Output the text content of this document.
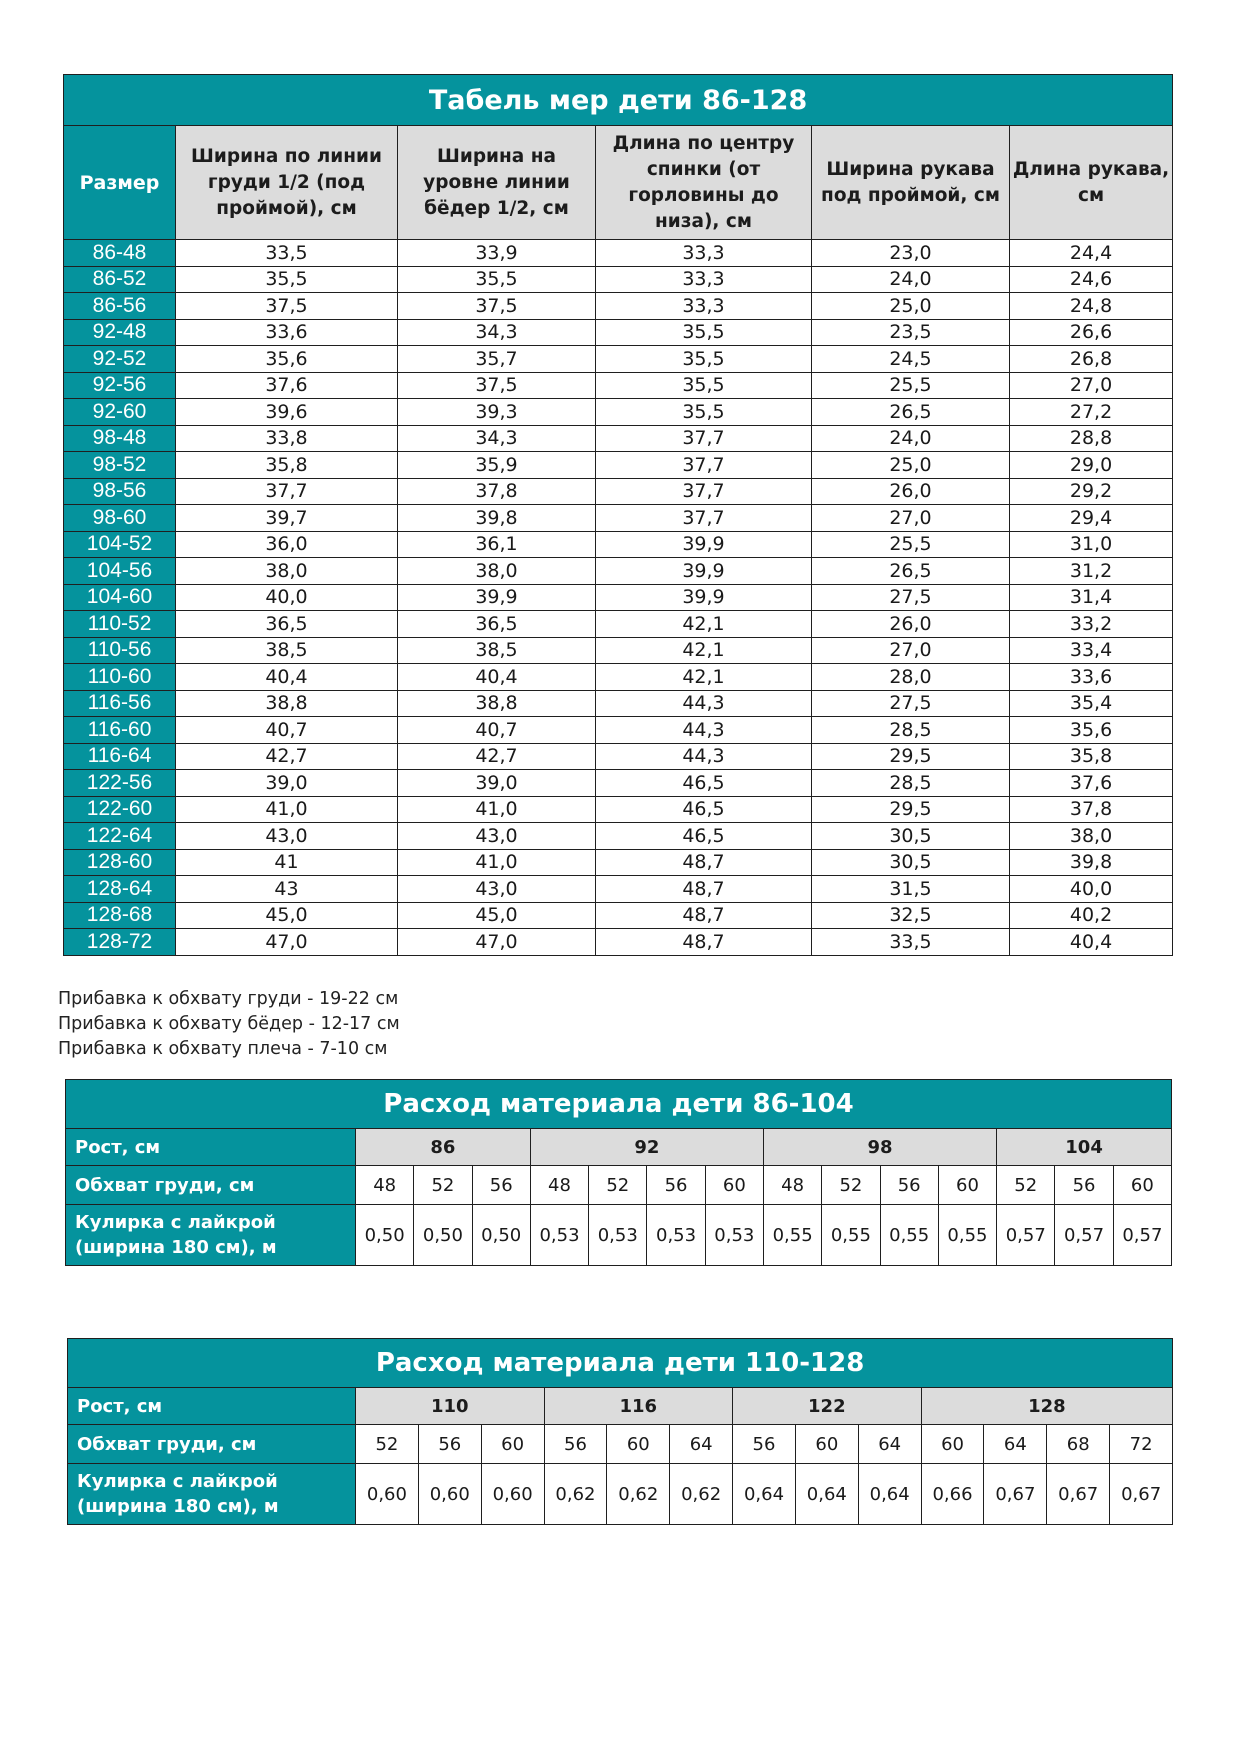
Табель мер дети 86-128					
Размер	Ширина по линии груди 1/2 (под проймой), см	Ширина на уровне линии бёдер 1/2, см	Длина по центру спинки (от горловины до низа), см	Ширина рукава под проймой, см	Длина рукава, см
86-48	33,5	33,9	33,3	23,0	24,4
86-52	35,5	35,5	33,3	24,0	24,6
86-56	37,5	37,5	33,3	25,0	24,8
92-48	33,6	34,3	35,5	23,5	26,6
92-52	35,6	35,7	35,5	24,5	26,8
92-56	37,6	37,5	35,5	25,5	27,0
92-60	39,6	39,3	35,5	26,5	27,2
98-48	33,8	34,3	37,7	24,0	28,8
98-52	35,8	35,9	37,7	25,0	29,0
98-56	37,7	37,8	37,7	26,0	29,2
98-60	39,7	39,8	37,7	27,0	29,4
104-52	36,0	36,1	39,9	25,5	31,0
104-56	38,0	38,0	39,9	26,5	31,2
104-60	40,0	39,9	39,9	27,5	31,4
110-52	36,5	36,5	42,1	26,0	33,2
110-56	38,5	38,5	42,1	27,0	33,4
110-60	40,4	40,4	42,1	28,0	33,6
116-56	38,8	38,8	44,3	27,5	35,4
116-60	40,7	40,7	44,3	28,5	35,6
116-64	42,7	42,7	44,3	29,5	35,8
122-56	39,0	39,0	46,5	28,5	37,6
122-60	41,0	41,0	46,5	29,5	37,8
122-64	43,0	43,0	46,5	30,5	38,0
128-60	41	41,0	48,7	30,5	39,8
128-64	43	43,0	48,7	31,5	40,0
128-68	45,0	45,0	48,7	32,5	40,2
128-72	47,0	47,0	48,7	33,5	40,4
Прибавка к обхвату груди - 19-22 см
Прибавка к обхвату бёдер - 12-17 см
Прибавка к обхвату плеча - 7-10 см
Расход материала дети 86-104														
Рост, см	86			92				98				104		
Обхват груди, см	48	52	56	48	52	56	60	48	52	56	60	52	56	60
Кулирка с лайкрой (ширина 180 см), м	0,50	0,50	0,50	0,53	0,53	0,53	0,53	0,55	0,55	0,55	0,55	0,57	0,57	0,57
Расход материала дети 110-128													
Рост, см	110			116			122			128			
Обхват груди, см	52	56	60	56	60	64	56	60	64	60	64	68	72
Кулирка с лайкрой (ширина 180 см), м	0,60	0,60	0,60	0,62	0,62	0,62	0,64	0,64	0,64	0,66	0,67	0,67	0,67
